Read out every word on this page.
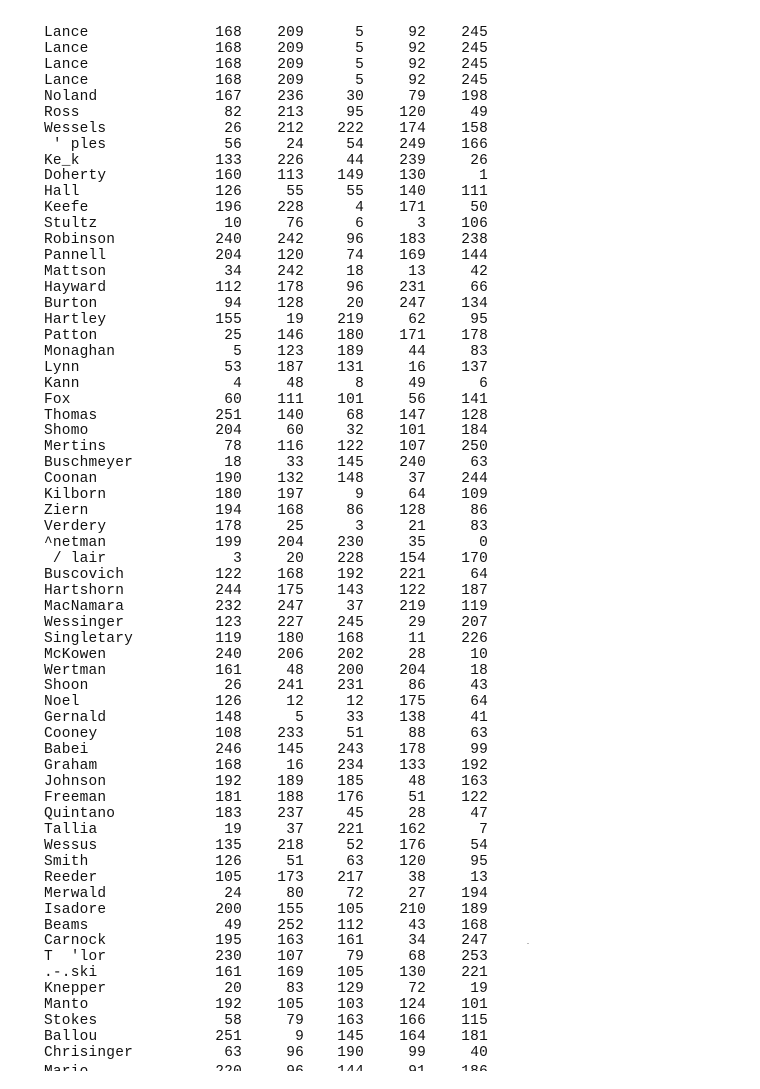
Lance	168	209	5	92	245
Lance	168	209	5	92	245
Lance	168	209	5	92	245
Lance	168	209	5	92	245
Noland	167	236	30	79	198
Ross	82	213	95	120	49
Wessels	26	212	222	174	158
' ples	56	24	54	249	166
Ke_k	133	226	44	239	26
Doherty	160	113	149	130	1
Hall	126	55	55	140	111
Keefe	196	228	4	171	50
Stultz	10	76	6	3	106
Robinson	240	242	96	183	238
Pannell	204	120	74	169	144
Mattson	34	242	18	13	42
Hayward	112	178	96	231	66
Burton	94	128	20	247	134
Hartley	155	19	219	62	95
Patton	25	146	180	171	178
Monaghan	5	123	189	44	83
Lynn	53	187	131	16	137
Kann	4	48	8	49	6
Fox	60	111	101	56	141
Thomas	251	140	68	147	128
Shomo	204	60	32	101	184
Mertins	78	116	122	107	250
Buschmeyer	18	33	145	240	63
Coonan	190	132	148	37	244
Kilborn	180	197	9	64	109
Ziern	194	168	86	128	86
Verdery	178	25	3	21	83
^netman	199	204	230	35	0
/ lair	3	20	228	154	170
Buscovich	122	168	192	221	64
Hartshorn	244	175	143	122	187
MacNamara	232	247	37	219	119
Wessinger	123	227	245	29	207
Singletary	119	180	168	11	226
McKowen	240	206	202	28	10
Wertman	161	48	200	204	18
Shoon	26	241	231	86	43
Noel	126	12	12	175	64
Gernald	148	5	33	138	41
Cooney	108	233	51	88	63
Babei	246	145	243	178	99
Graham	168	16	234	133	192
Johnson	192	189	185	48	163
Freeman	181	188	176	51	122
Quintano	183	237	45	28	47
Tallia	19	37	221	162	7
Wessus	135	218	52	176	54
Smith	126	51	63	120	95
Reeder	105	173	217	38	13
Merwald	24	80	72	27	194
Isadore	200	155	105	210	189
Beams	49	252	112	43	168
Carnock	195	163	161	34	247
T  'lor	230	107	79	68	253
.-.ski	161	169	105	130	221
Knepper	20	83	129	72	19
Manto	192	105	103	124	101
Stokes	58	79	163	166	115
Ballou	251	9	145	164	181
Chrisinger	63	96	190	99	40
